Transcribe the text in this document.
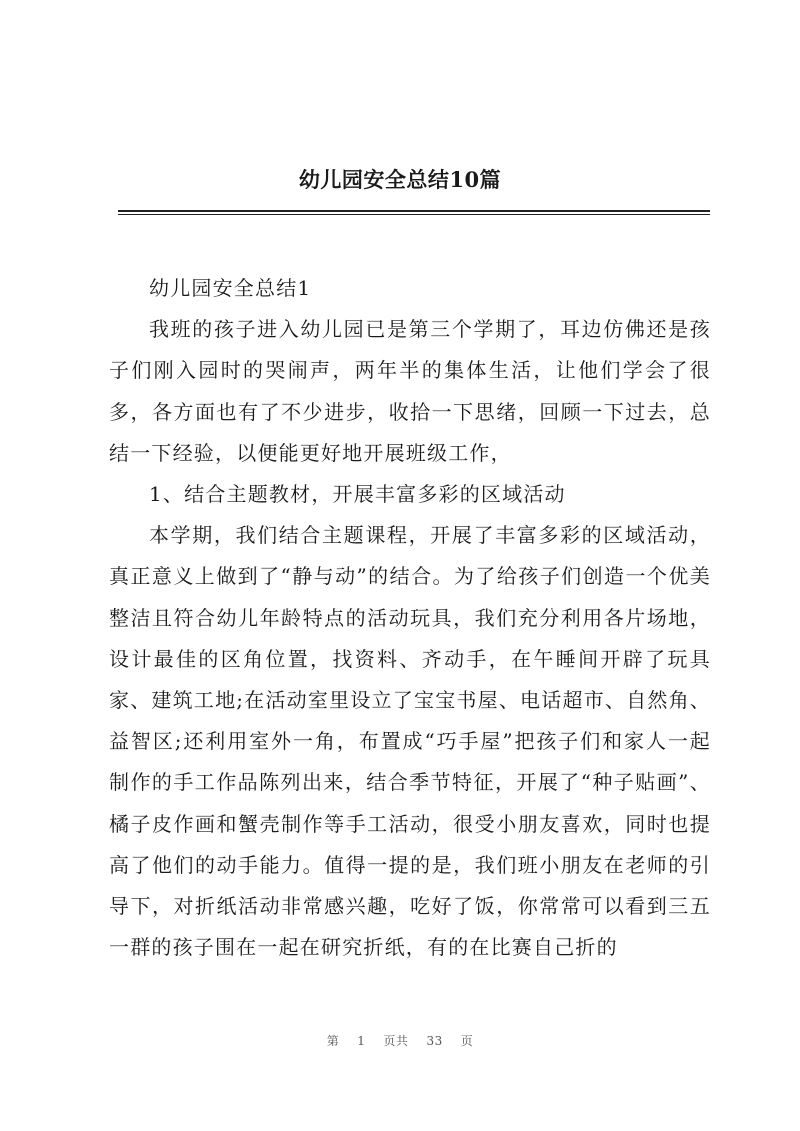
幼儿园安全总结10篇

幼儿园安全总结1

我班的孩子进入幼儿园已是第三个学期了，耳边仿佛还是孩子们刚入园时的哭闹声，两年半的集体生活，让他们学会了很多，各方面也有了不少进步，收拾一下思绪，回顾一下过去，总结一下经验，以便能更好地开展班级工作，

1、结合主题教材，开展丰富多彩的区域活动

本学期，我们结合主题课程，开展了丰富多彩的区域活动，真正意义上做到了“静与动”的结合。为了给孩子们创造一个优美整洁且符合幼儿年龄特点的活动玩具，我们充分利用各片场地，设计最佳的区角位置，找资料、齐动手，在午睡间开辟了玩具家、建筑工地;在活动室里设立了宝宝书屋、电话超市、自然角、益智区;还利用室外一角，布置成“巧手屋”把孩子们和家人一起制作的手工作品陈列出来，结合季节特征，开展了“种子贴画”、橘子皮作画和蟹壳制作等手工活动，很受小朋友喜欢，同时也提高了他们的动手能力。值得一提的是，我们班小朋友在老师的引导下，对折纸活动非常感兴趣，吃好了饭，你常常可以看到三五一群的孩子围在一起在研究折纸，有的在比赛自己折的

第 1 页共 33 页
